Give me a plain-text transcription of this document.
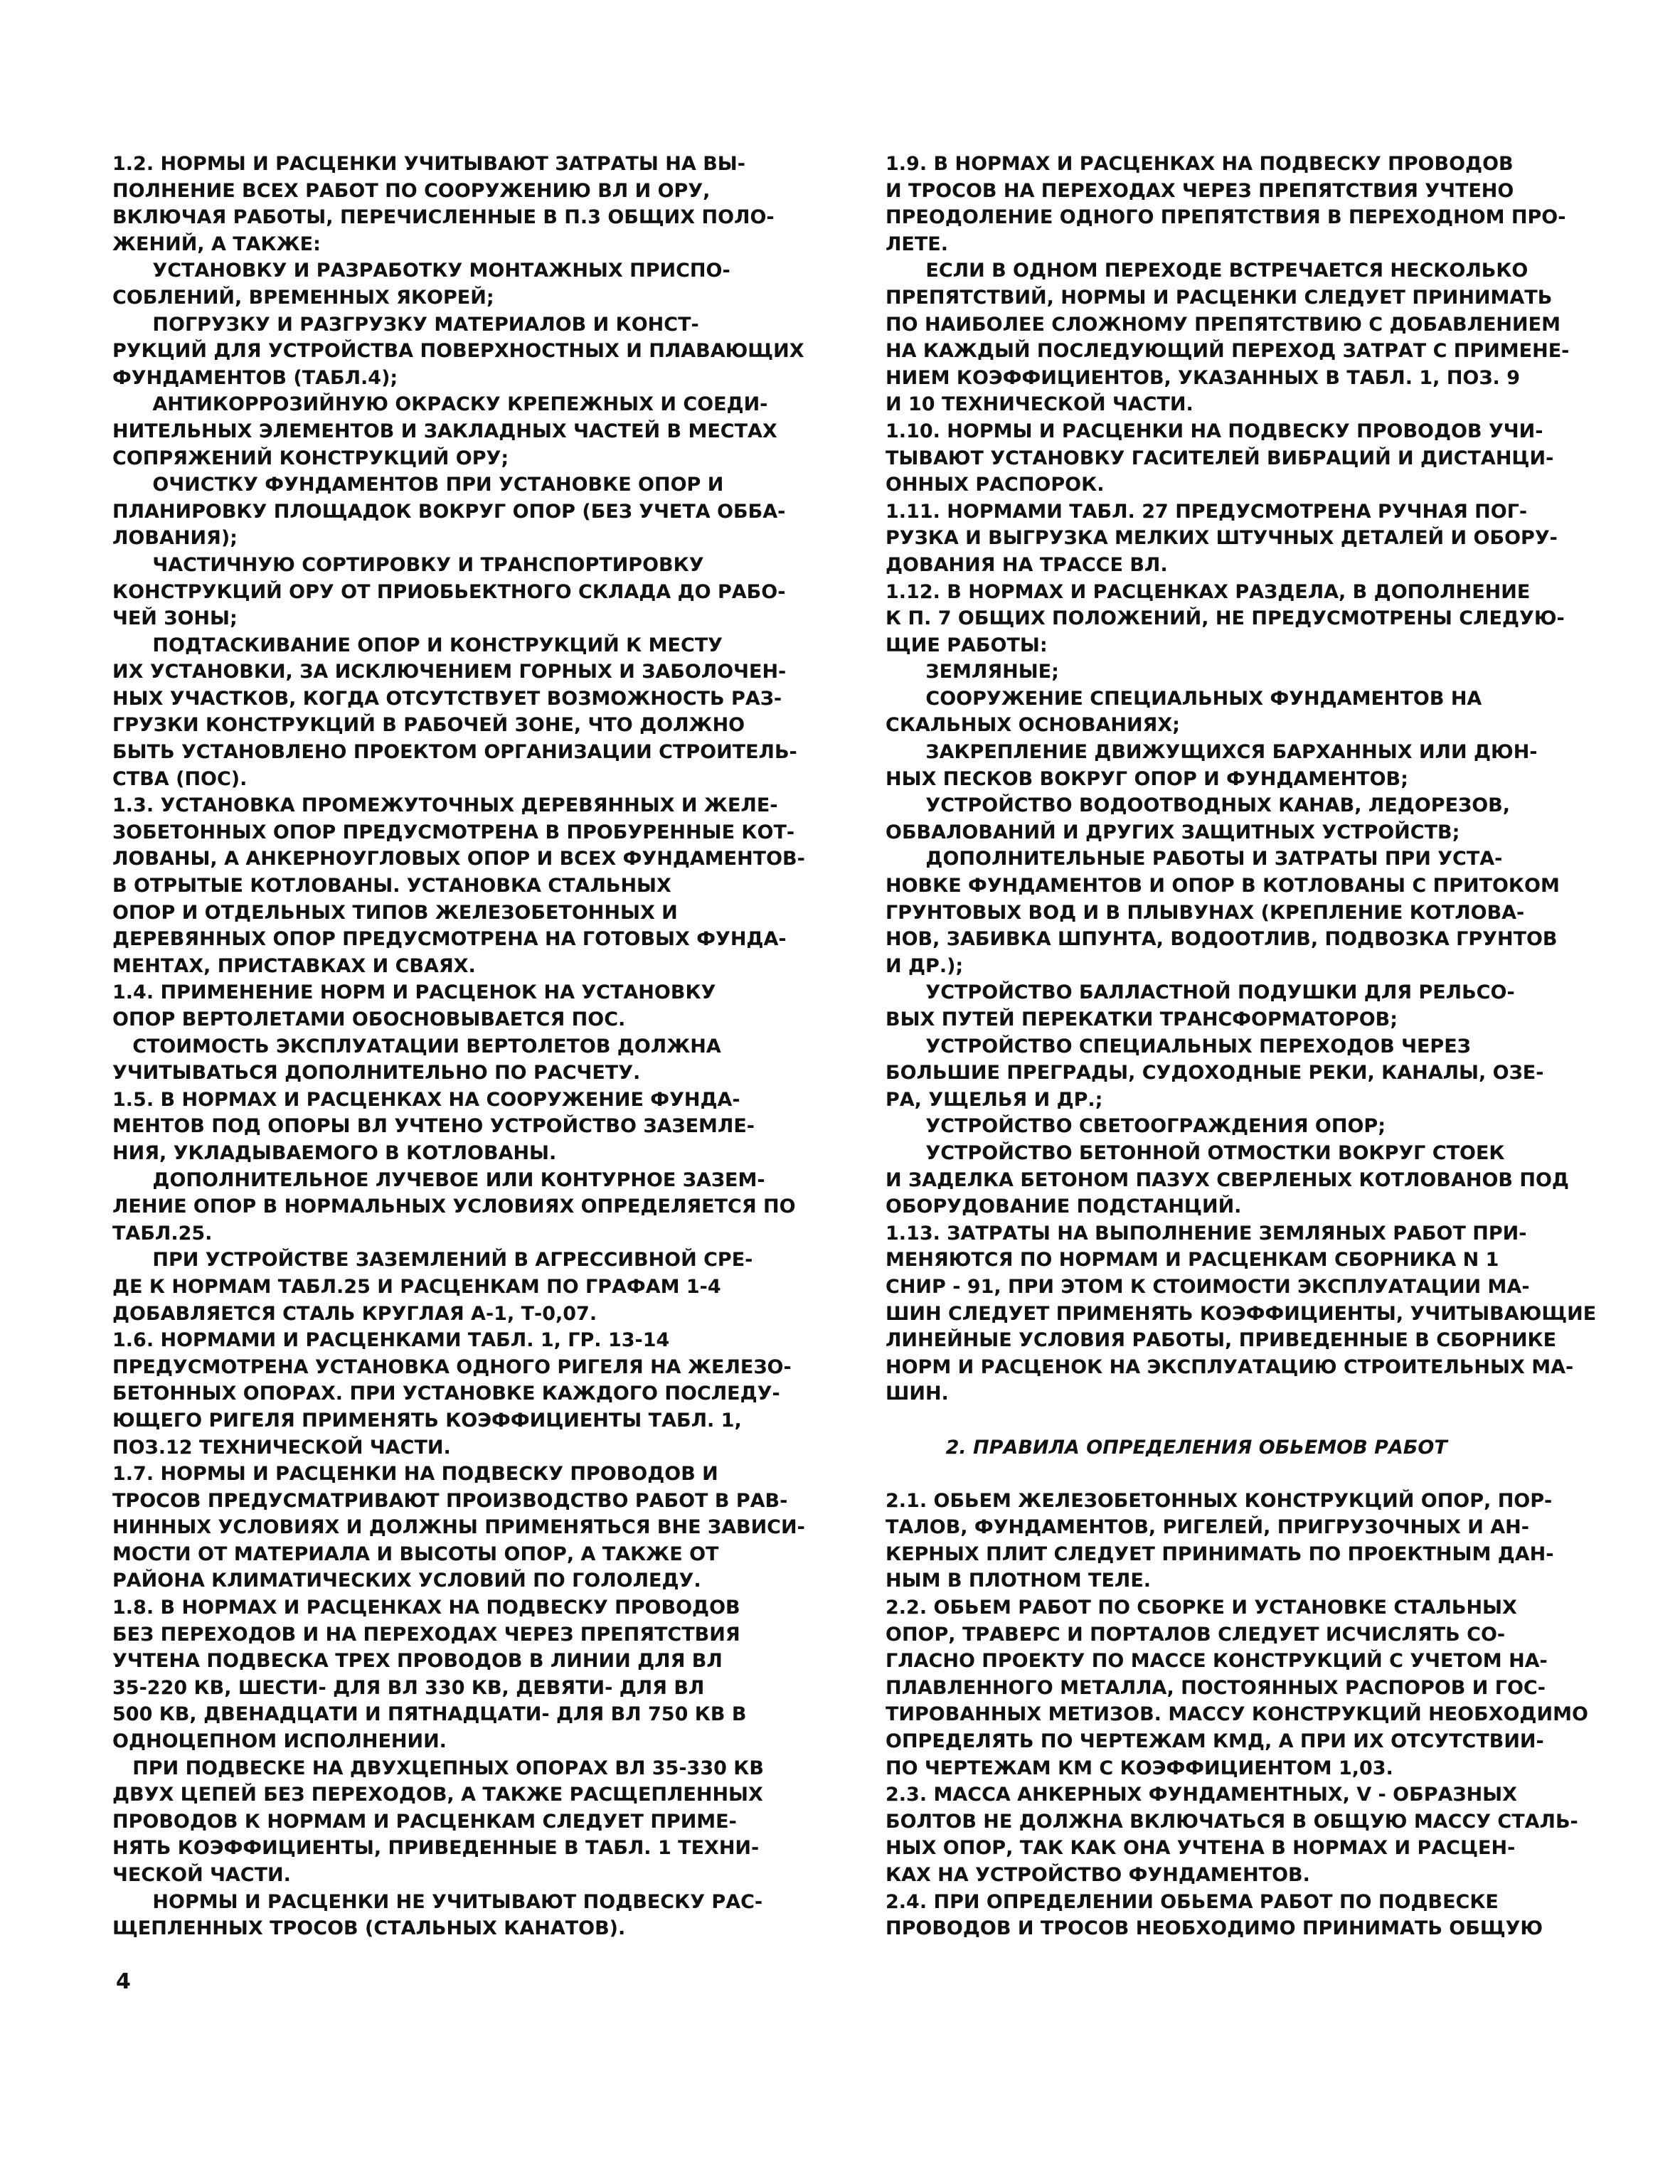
1.2. НОРМЫ И РАСЦЕНКИ УЧИТЫВАЮТ ЗАТРАТЫ НА ВЫ-
ПОЛНЕНИЕ ВСЕХ РАБОТ ПО СООРУЖЕНИЮ ВЛ И ОРУ,
ВКЛЮЧАЯ РАБОТЫ, ПЕРЕЧИСЛЕННЫЕ В П.3 ОБЩИХ ПОЛО-
ЖЕНИЙ, А ТАКЖЕ:
УСТАНОВКУ И РАЗРАБОТКУ МОНТАЖНЫХ ПРИСПО-
СОБЛЕНИЙ, ВРЕМЕННЫХ ЯКОРЕЙ;
ПОГРУЗКУ И РАЗГРУЗКУ МАТЕРИАЛОВ И КОНСТ-
РУКЦИЙ ДЛЯ УСТРОЙСТВА ПОВЕРХНОСТНЫХ И ПЛАВАЮЩИХ
ФУНДАМЕНТОВ (ТАБЛ.4);
АНТИКОРРОЗИЙНУЮ ОКРАСКУ КРЕПЕЖНЫХ И СОЕДИ-
НИТЕЛЬНЫХ ЭЛЕМЕНТОВ И ЗАКЛАДНЫХ ЧАСТЕЙ В МЕСТАХ
СОПРЯЖЕНИЙ КОНСТРУКЦИЙ ОРУ;
ОЧИСТКУ ФУНДАМЕНТОВ ПРИ УСТАНОВКЕ ОПОР И
ПЛАНИРОВКУ ПЛОЩАДОК ВОКРУГ ОПОР (БЕЗ УЧЕТА ОББА-
ЛОВАНИЯ);
ЧАСТИЧНУЮ СОРТИРОВКУ И ТРАНСПОРТИРОВКУ
КОНСТРУКЦИЙ ОРУ ОТ ПРИОБЬЕКТНОГО СКЛАДА ДО РАБО-
ЧЕЙ ЗОНЫ;
ПОДТАСКИВАНИЕ ОПОР И КОНСТРУКЦИЙ К МЕСТУ
ИХ УСТАНОВКИ, ЗА ИСКЛЮЧЕНИЕМ ГОРНЫХ И ЗАБОЛОЧЕН-
НЫХ УЧАСТКОВ, КОГДА ОТСУТСТВУЕТ ВОЗМОЖНОСТЬ РАЗ-
ГРУЗКИ КОНСТРУКЦИЙ В РАБОЧЕЙ ЗОНЕ, ЧТО ДОЛЖНО
БЫТЬ УСТАНОВЛЕНО ПРОЕКТОМ ОРГАНИЗАЦИИ СТРОИТЕЛЬ-
СТВА (ПОС).
1.3. УСТАНОВКА ПРОМЕЖУТОЧНЫХ ДЕРЕВЯННЫХ И ЖЕЛЕ-
ЗОБЕТОННЫХ ОПОР ПРЕДУСМОТРЕНА В ПРОБУРЕННЫЕ КОТ-
ЛОВАНЫ, А АНКЕРНОУГЛОВЫХ ОПОР И ВСЕХ ФУНДАМЕНТОВ-
В ОТРЫТЫЕ КОТЛОВАНЫ. УСТАНОВКА СТАЛЬНЫХ
ОПОР И ОТДЕЛЬНЫХ ТИПОВ ЖЕЛЕЗОБЕТОННЫХ И
ДЕРЕВЯННЫХ ОПОР ПРЕДУСМОТРЕНА НА ГОТОВЫХ ФУНДА-
МЕНТАХ, ПРИСТАВКАХ И СВАЯХ.
1.4. ПРИМЕНЕНИЕ НОРМ И РАСЦЕНОК НА УСТАНОВКУ
ОПОР ВЕРТОЛЕТАМИ ОБОСНОВЫВАЕТСЯ ПОС.
СТОИМОСТЬ ЭКСПЛУАТАЦИИ ВЕРТОЛЕТОВ ДОЛЖНА
УЧИТЫВАТЬСЯ ДОПОЛНИТЕЛЬНО ПО РАСЧЕТУ.
1.5. В НОРМАХ И РАСЦЕНКАХ НА СООРУЖЕНИЕ ФУНДА-
МЕНТОВ ПОД ОПОРЫ ВЛ УЧТЕНО УСТРОЙСТВО ЗАЗЕМЛЕ-
НИЯ, УКЛАДЫВАЕМОГО В КОТЛОВАНЫ.
ДОПОЛНИТЕЛЬНОЕ ЛУЧЕВОЕ ИЛИ КОНТУРНОЕ ЗАЗЕМ-
ЛЕНИЕ ОПОР В НОРМАЛЬНЫХ УСЛОВИЯХ ОПРЕДЕЛЯЕТСЯ ПО
ТАБЛ.25.
ПРИ УСТРОЙСТВЕ ЗАЗЕМЛЕНИЙ В АГРЕССИВНОЙ СРЕ-
ДЕ К НОРМАМ ТАБЛ.25 И РАСЦЕНКАМ ПО ГРАФАМ 1-4
ДОБАВЛЯЕТСЯ СТАЛЬ КРУГЛАЯ А-1, Т-0,07.
1.6. НОРМАМИ И РАСЦЕНКАМИ ТАБЛ. 1, ГР. 13-14
ПРЕДУСМОТРЕНА УСТАНОВКА ОДНОГО РИГЕЛЯ НА ЖЕЛЕЗО-
БЕТОННЫХ ОПОРАХ. ПРИ УСТАНОВКЕ КАЖДОГО ПОСЛЕДУ-
ЮЩЕГО РИГЕЛЯ ПРИМЕНЯТЬ КОЭФФИЦИЕНТЫ ТАБЛ. 1,
ПОЗ.12 ТЕХНИЧЕСКОЙ ЧАСТИ.
1.7. НОРМЫ И РАСЦЕНКИ НА ПОДВЕСКУ ПРОВОДОВ И
ТРОСОВ ПРЕДУСМАТРИВАЮТ ПРОИЗВОДСТВО РАБОТ В РАВ-
НИННЫХ УСЛОВИЯХ И ДОЛЖНЫ ПРИМЕНЯТЬСЯ ВНЕ ЗАВИСИ-
МОСТИ ОТ МАТЕРИАЛА И ВЫСОТЫ ОПОР, А ТАКЖЕ ОТ
РАЙОНА КЛИМАТИЧЕСКИХ УСЛОВИЙ ПО ГОЛОЛЕДУ.
1.8. В НОРМАХ И РАСЦЕНКАХ НА ПОДВЕСКУ ПРОВОДОВ
БЕЗ ПЕРЕХОДОВ И НА ПЕРЕХОДАХ ЧЕРЕЗ ПРЕПЯТСТВИЯ
УЧТЕНА ПОДВЕСКА ТРЕХ ПРОВОДОВ В ЛИНИИ ДЛЯ ВЛ
35-220 КВ, ШЕСТИ- ДЛЯ ВЛ 330 КВ, ДЕВЯТИ- ДЛЯ ВЛ
500 КВ, ДВЕНАДЦАТИ И ПЯТНАДЦАТИ- ДЛЯ ВЛ 750 КВ В
ОДНОЦЕПНОМ ИСПОЛНЕНИИ.
ПРИ ПОДВЕСКЕ НА ДВУХЦЕПНЫХ ОПОРАХ ВЛ 35-330 КВ
ДВУХ ЦЕПЕЙ БЕЗ ПЕРЕХОДОВ, А ТАКЖЕ РАСЩЕПЛЕННЫХ
ПРОВОДОВ К НОРМАМ И РАСЦЕНКАМ СЛЕДУЕТ ПРИМЕ-
НЯТЬ КОЭФФИЦИЕНТЫ, ПРИВЕДЕННЫЕ В ТАБЛ. 1 ТЕХНИ-
ЧЕСКОЙ ЧАСТИ.
НОРМЫ И РАСЦЕНКИ НЕ УЧИТЫВАЮТ ПОДВЕСКУ РАС-
ЩЕПЛЕННЫХ ТРОСОВ (СТАЛЬНЫХ КАНАТОВ).
1.9. В НОРМАХ И РАСЦЕНКАХ НА ПОДВЕСКУ ПРОВОДОВ
И ТРОСОВ НА ПЕРЕХОДАХ ЧЕРЕЗ ПРЕПЯТСТВИЯ УЧТЕНО
ПРЕОДОЛЕНИЕ ОДНОГО ПРЕПЯТСТВИЯ В ПЕРЕХОДНОМ ПРО-
ЛЕТЕ.
ЕСЛИ В ОДНОМ ПЕРЕХОДЕ ВСТРЕЧАЕТСЯ НЕСКОЛЬКО
ПРЕПЯТСТВИЙ, НОРМЫ И РАСЦЕНКИ СЛЕДУЕТ ПРИНИМАТЬ
ПО НАИБОЛЕЕ СЛОЖНОМУ ПРЕПЯТСТВИЮ С ДОБАВЛЕНИЕМ
НА КАЖДЫЙ ПОСЛЕДУЮЩИЙ ПЕРЕХОД ЗАТРАТ С ПРИМЕНЕ-
НИЕМ КОЭФФИЦИЕНТОВ, УКАЗАННЫХ В ТАБЛ. 1, ПОЗ. 9
И 10 ТЕХНИЧЕСКОЙ ЧАСТИ.
1.10. НОРМЫ И РАСЦЕНКИ НА ПОДВЕСКУ ПРОВОДОВ УЧИ-
ТЫВАЮТ УСТАНОВКУ ГАСИТЕЛЕЙ ВИБРАЦИЙ И ДИСТАНЦИ-
ОННЫХ РАСПОРОК.
1.11. НОРМАМИ ТАБЛ. 27 ПРЕДУСМОТРЕНА РУЧНАЯ ПОГ-
РУЗКА И ВЫГРУЗКА МЕЛКИХ ШТУЧНЫХ ДЕТАЛЕЙ И ОБОРУ-
ДОВАНИЯ НА ТРАССЕ ВЛ.
1.12. В НОРМАХ И РАСЦЕНКАХ РАЗДЕЛА, В ДОПОЛНЕНИЕ
К П. 7 ОБЩИХ ПОЛОЖЕНИЙ, НЕ ПРЕДУСМОТРЕНЫ СЛЕДУЮ-
ЩИЕ РАБОТЫ:
ЗЕМЛЯНЫЕ;
СООРУЖЕНИЕ СПЕЦИАЛЬНЫХ ФУНДАМЕНТОВ НА
СКАЛЬНЫХ ОСНОВАНИЯХ;
ЗАКРЕПЛЕНИЕ ДВИЖУЩИХСЯ БАРХАННЫХ ИЛИ ДЮН-
НЫХ ПЕСКОВ ВОКРУГ ОПОР И ФУНДАМЕНТОВ;
УСТРОЙСТВО ВОДООТВОДНЫХ КАНАВ, ЛЕДОРЕЗОВ,
ОБВАЛОВАНИЙ И ДРУГИХ ЗАЩИТНЫХ УСТРОЙСТВ;
ДОПОЛНИТЕЛЬНЫЕ РАБОТЫ И ЗАТРАТЫ ПРИ УСТА-
НОВКЕ ФУНДАМЕНТОВ И ОПОР В КОТЛОВАНЫ С ПРИТОКОМ
ГРУНТОВЫХ ВОД И В ПЛЫВУНАХ (КРЕПЛЕНИЕ КОТЛОВА-
НОВ, ЗАБИВКА ШПУНТА, ВОДООТЛИВ, ПОДВОЗКА ГРУНТОВ
И ДР.);
УСТРОЙСТВО БАЛЛАСТНОЙ ПОДУШКИ ДЛЯ РЕЛЬСО-
ВЫХ ПУТЕЙ ПЕРЕКАТКИ ТРАНСФОРМАТОРОВ;
УСТРОЙСТВО СПЕЦИАЛЬНЫХ ПЕРЕХОДОВ ЧЕРЕЗ
БОЛЬШИЕ ПРЕГРАДЫ, СУДОХОДНЫЕ РЕКИ, КАНАЛЫ, ОЗЕ-
РА, УЩЕЛЬЯ И ДР.;
УСТРОЙСТВО СВЕТООГРАЖДЕНИЯ ОПОР;
УСТРОЙСТВО БЕТОННОЙ ОТМОСТКИ ВОКРУГ СТОЕК
И ЗАДЕЛКА БЕТОНОМ ПАЗУХ СВЕРЛЕНЫХ КОТЛОВАНОВ ПОД
ОБОРУДОВАНИЕ ПОДСТАНЦИЙ.
1.13. ЗАТРАТЫ НА ВЫПОЛНЕНИЕ ЗЕМЛЯНЫХ РАБОТ ПРИ-
МЕНЯЮТСЯ ПО НОРМАМ И РАСЦЕНКАМ СБОРНИКА N 1
СНИР - 91, ПРИ ЭТОМ К СТОИМОСТИ ЭКСПЛУАТАЦИИ МА-
ШИН СЛЕДУЕТ ПРИМЕНЯТЬ КОЭФФИЦИЕНТЫ, УЧИТЫВАЮЩИЕ
ЛИНЕЙНЫЕ УСЛОВИЯ РАБОТЫ, ПРИВЕДЕННЫЕ В СБОРНИКЕ
НОРМ И РАСЦЕНОК НА ЭКСПЛУАТАЦИЮ СТРОИТЕЛЬНЫХ МА-
ШИН.
2. ПРАВИЛА ОПРЕДЕЛЕНИЯ ОБЬЕМОВ РАБОТ
2.1. ОБЬЕМ ЖЕЛЕЗОБЕТОННЫХ КОНСТРУКЦИЙ ОПОР, ПОР-
ТАЛОВ, ФУНДАМЕНТОВ, РИГЕЛЕЙ, ПРИГРУЗОЧНЫХ И АН-
КЕРНЫХ ПЛИТ СЛЕДУЕТ ПРИНИМАТЬ ПО ПРОЕКТНЫМ ДАН-
НЫМ В ПЛОТНОМ ТЕЛЕ.
2.2. ОБЬЕМ РАБОТ ПО СБОРКЕ И УСТАНОВКЕ СТАЛЬНЫХ
ОПОР, ТРАВЕРС И ПОРТАЛОВ СЛЕДУЕТ ИСЧИСЛЯТЬ СО-
ГЛАСНО ПРОЕКТУ ПО МАССЕ КОНСТРУКЦИЙ С УЧЕТОМ НА-
ПЛАВЛЕННОГО МЕТАЛЛА, ПОСТОЯННЫХ РАСПОРОВ И ГОС-
ТИРОВАННЫХ МЕТИЗОВ. МАССУ КОНСТРУКЦИЙ НЕОБХОДИМО
ОПРЕДЕЛЯТЬ ПО ЧЕРТЕЖАМ КМД, А ПРИ ИХ ОТСУТСТВИИ-
ПО ЧЕРТЕЖАМ КМ С КОЭФФИЦИЕНТОМ 1,03.
2.3. МАССА АНКЕРНЫХ ФУНДАМЕНТНЫХ, V - ОБРАЗНЫХ
БОЛТОВ НЕ ДОЛЖНА ВКЛЮЧАТЬСЯ В ОБЩУЮ МАССУ СТАЛЬ-
НЫХ ОПОР, ТАК КАК ОНА УЧТЕНА В НОРМАХ И РАСЦЕН-
КАХ НА УСТРОЙСТВО ФУНДАМЕНТОВ.
2.4. ПРИ ОПРЕДЕЛЕНИИ ОБЬЕМА РАБОТ ПО ПОДВЕСКЕ
ПРОВОДОВ И ТРОСОВ НЕОБХОДИМО ПРИНИМАТЬ ОБЩУЮ
4
